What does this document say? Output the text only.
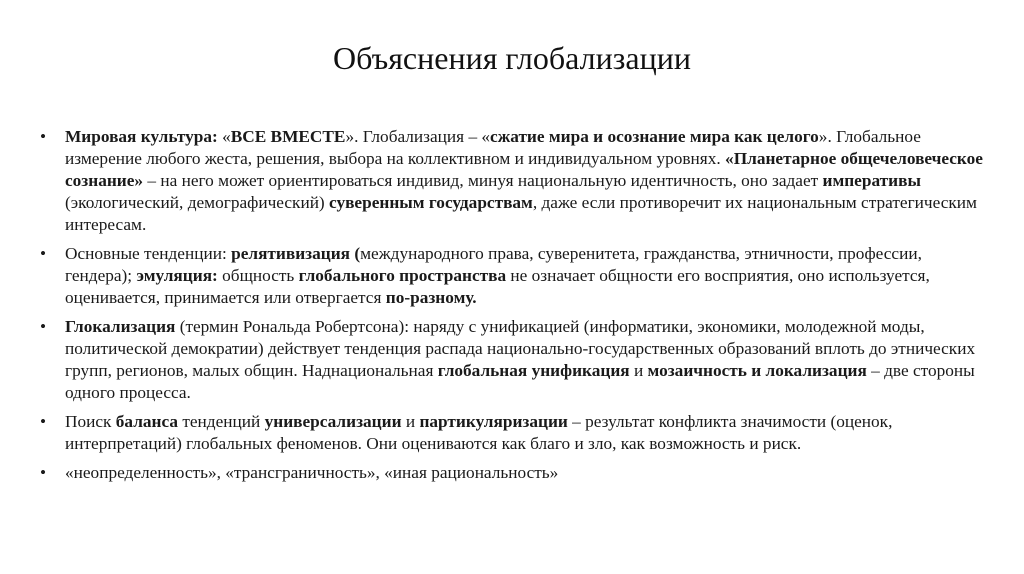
Объяснения глобализации
• Мировая культура: «ВСЕ ВМЕСТЕ». Глобализация – «сжатие мира и осознание мира как целого». Глобальное измерение любого жеста, решения, выбора на коллективном и индивидуальном уровнях. «Планетарное общечеловеческое сознание» – на него может ориентироваться индивид, минуя национальную идентичность, оно задает императивы (экологический, демографический) суверенным государствам, даже если противоречит их национальным стратегическим интересам.
• Основные тенденции: релятивизация (международного права, суверенитета, гражданства, этничности, профессии, гендера); эмуляция: общность глобального пространства не означает общности его восприятия, оно используется, оценивается, принимается или отвергается по-разному.
• Глокализация (термин Рональда Робертсона): наряду с унификацией (информатики, экономики, молодежной моды, политической демократии) действует тенденция распада национально-государственных образований вплоть до этнических групп, регионов, малых общин. Наднациональная глобальная унификация и мозаичность и локализация – две стороны одного процесса.
• Поиск баланса тенденций универсализации и партикуляризации – результат конфликта значимости (оценок, интерпретаций) глобальных феноменов. Они оцениваются как благо и зло, как возможность и риск.
• «неопределенность», «трансграничность», «иная рациональность»
